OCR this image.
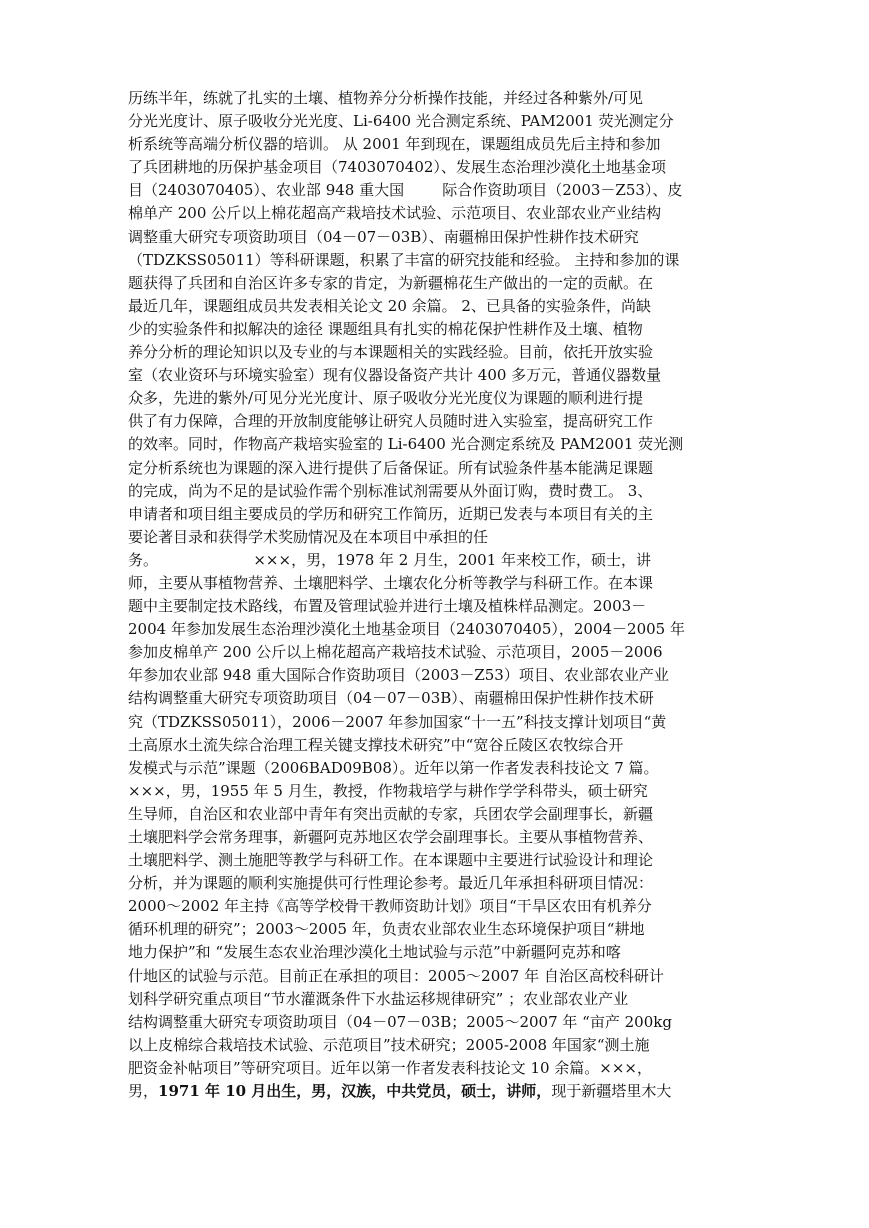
历练半年，练就了扎实的土壤、植物养分分析操作技能，并经过各种紫外/可见
分光光度计、原子吸收分光光度、Li-6400 光合测定系统、PAM2001 荧光测定分
析系统等高端分析仪器的培训。 从 2001 年到现在，课题组成员先后主持和参加
了兵团耕地的历保护基金项目（7403070402）、发展生态治理沙漠化土地基金项
目（2403070405）、农业部 948 重大国        际合作资助项目（2003－Z53）、皮
棉单产 200 公斤以上棉花超高产栽培技术试验、示范项目、农业部农业产业结构
调整重大研究专项资助项目（04－07－03B）、南疆棉田保护性耕作技术研究
（TDZKSS05011）等科研课题，积累了丰富的研究技能和经验。 主持和参加的课
题获得了兵团和自治区许多专家的肯定，为新疆棉花生产做出的一定的贡献。在
最近几年，课题组成员共发表相关论文 20 余篇。 2、已具备的实验条件，尚缺
少的实验条件和拟解决的途径 课题组具有扎实的棉花保护性耕作及土壤、植物
养分分析的理论知识以及专业的与本课题相关的实践经验。目前，依托开放实验
室（农业资环与环境实验室）现有仪器设备资产共计 400 多万元，普通仪器数量
众多，先进的紫外/可见分光光度计、原子吸收分光光度仪为课题的顺利进行提
供了有力保障，合理的开放制度能够让研究人员随时进入实验室，提高研究工作
的效率。同时，作物高产栽培实验室的 Li-6400 光合测定系统及 PAM2001 荧光测
定分析系统也为课题的深入进行提供了后备保证。所有试验条件基本能满足课题
的完成，尚为不足的是试验作需个别标准试剂需要从外面订购，费时费工。 3、
申请者和项目组主要成员的学历和研究工作简历，近期已发表与本项目有关的主
要论著目录和获得学术奖励情况及在本项目中承担的任
务。                    ×××，男，1978 年 2 月生，2001 年来校工作，硕士，讲
师，主要从事植物营养、土壤肥料学、土壤农化分析等教学与科研工作。在本课
题中主要制定技术路线，布置及管理试验并进行土壤及植株样品测定。2003－
2004 年参加发展生态治理沙漠化土地基金项目（2403070405），2004－2005 年
参加皮棉单产 200 公斤以上棉花超高产栽培技术试验、示范项目，2005－2006
年参加农业部 948 重大国际合作资助项目（2003－Z53）项目、农业部农业产业
结构调整重大研究专项资助项目（04－07－03B）、南疆棉田保护性耕作技术研
究（TDZKSS05011），2006－2007 年参加国家“十一五”科技支撑计划项目“黄
土高原水土流失综合治理工程关键支撑技术研究”中“宽谷丘陵区农牧综合开
发模式与示范”课题（2006BAD09B08）。近年以第一作者发表科技论文 7 篇。
×××，男，1955 年 5 月生，教授，作物栽培学与耕作学学科带头，硕士研究
生导师，自治区和农业部中青年有突出贡献的专家，兵团农学会副理事长，新疆
土壤肥料学会常务理事，新疆阿克苏地区农学会副理事长。主要从事植物营养、
土壤肥料学、测土施肥等教学与科研工作。在本课题中主要进行试验设计和理论
分析，并为课题的顺利实施提供可行性理论参考。最近几年承担科研项目情况：
2000～2002 年主持《高等学校骨干教师资助计划》项目“干旱区农田有机养分
循环机理的研究”；2003～2005 年，负责农业部农业生态环境保护项目“耕地
地力保护”和 “发展生态农业治理沙漠化土地试验与示范”中新疆阿克苏和喀
什地区的试验与示范。目前正在承担的项目：2005～2007 年 自治区高校科研计
划科学研究重点项目“节水灌溉条件下水盐运移规律研究” ；农业部农业产业
结构调整重大研究专项资助项目（04－07－03B；2005～2007 年 “亩产 200kg
以上皮棉综合栽培技术试验、示范项目”技术研究；2005-2008 年国家“测土施
肥资金补帖项目”等研究项目。近年以第一作者发表科技论文 10 余篇。×××，
男，1971 年 10 月出生，男，汉族，中共党员，硕士，讲师，现于新疆塔里木大
